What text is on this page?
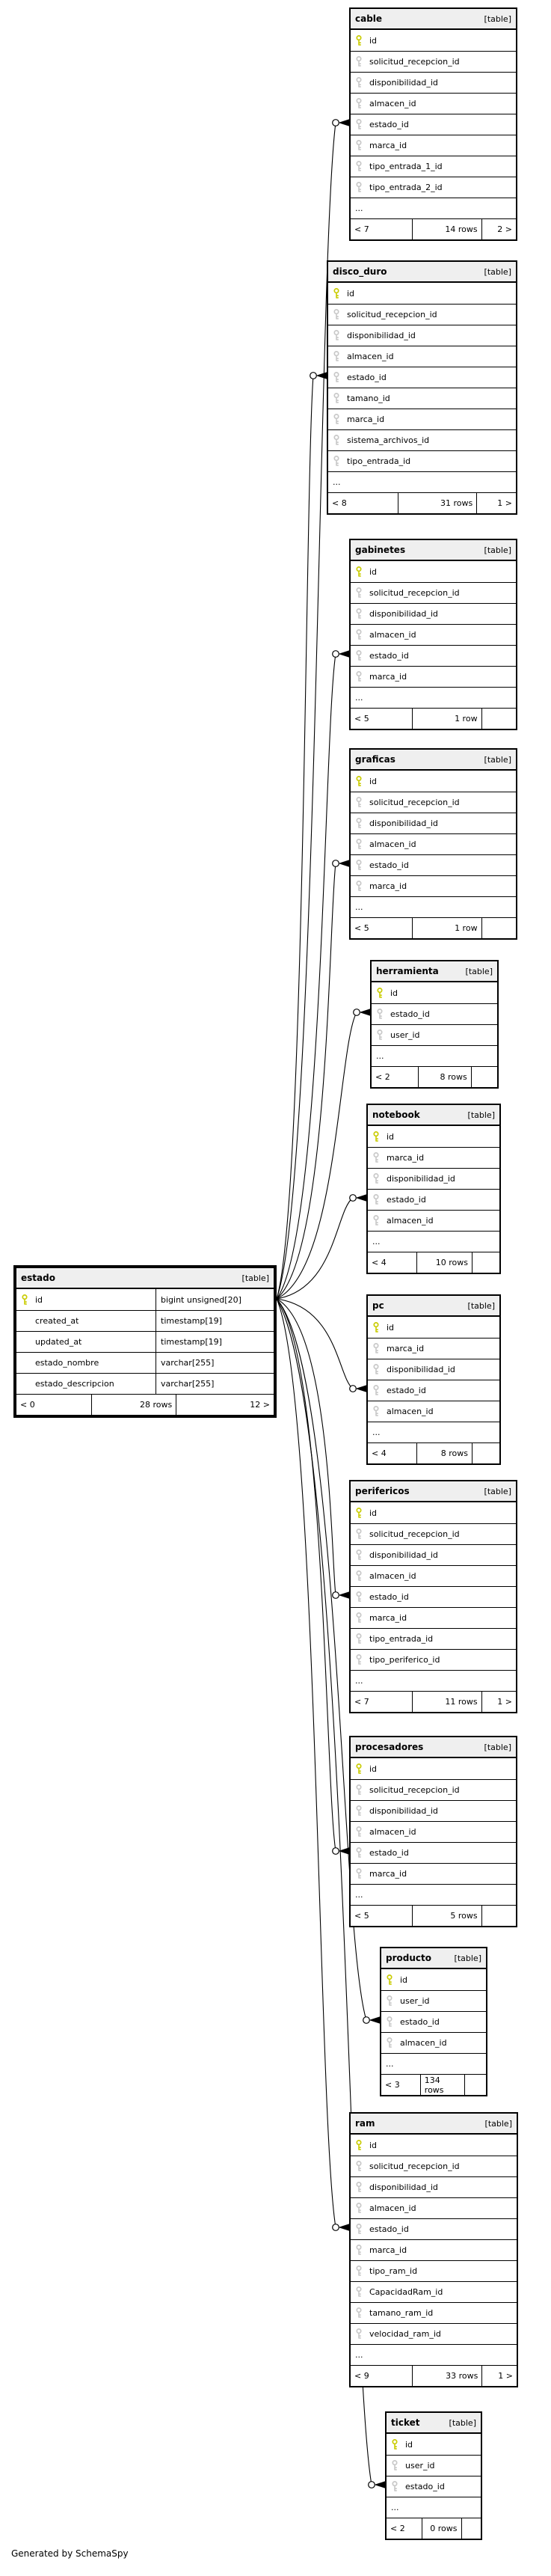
estado	[table]
id	bigint unsigned[20]
created_at	timestamp[19]
updated_at	timestamp[19]
estado_nombre	varchar[255]
estado_descripcion	varchar[255]
< 0	28 rows	12 >
cable	[table]
id
solicitud_recepcion_id
disponibilidad_id
almacen_id
estado_id
marca_id
tipo_entrada_1_id
tipo_entrada_2_id
...
< 7	14 rows	2 >
disco_duro	[table]
id
solicitud_recepcion_id
disponibilidad_id
almacen_id
estado_id
tamano_id
marca_id
sistema_archivos_id
tipo_entrada_id
...
< 8	31 rows	1 >
gabinetes	[table]
id
solicitud_recepcion_id
disponibilidad_id
almacen_id
estado_id
marca_id
...
< 5	1 row
graficas	[table]
id
solicitud_recepcion_id
disponibilidad_id
almacen_id
estado_id
marca_id
...
< 5	1 row
herramienta	[table]
id
estado_id
user_id
...
< 2	8 rows
notebook	[table]
id
marca_id
disponibilidad_id
estado_id
almacen_id
...
< 4	10 rows
pc	[table]
id
marca_id
disponibilidad_id
estado_id
almacen_id
...
< 4	8 rows
perifericos	[table]
id
solicitud_recepcion_id
disponibilidad_id
almacen_id
estado_id
marca_id
tipo_entrada_id
tipo_periferico_id
...
< 7	11 rows	1 >
procesadores	[table]
id
solicitud_recepcion_id
disponibilidad_id
almacen_id
estado_id
marca_id
...
< 5	5 rows
producto	[table]
id
user_id
estado_id
almacen_id
...
< 3	134 rows
ram	[table]
id
solicitud_recepcion_id
disponibilidad_id
almacen_id
estado_id
marca_id
tipo_ram_id
CapacidadRam_id
tamano_ram_id
velocidad_ram_id
...
< 9	33 rows	1 >
ticket	[table]
id
user_id
estado_id
...
< 2	0 rows
Generated by SchemaSpy
